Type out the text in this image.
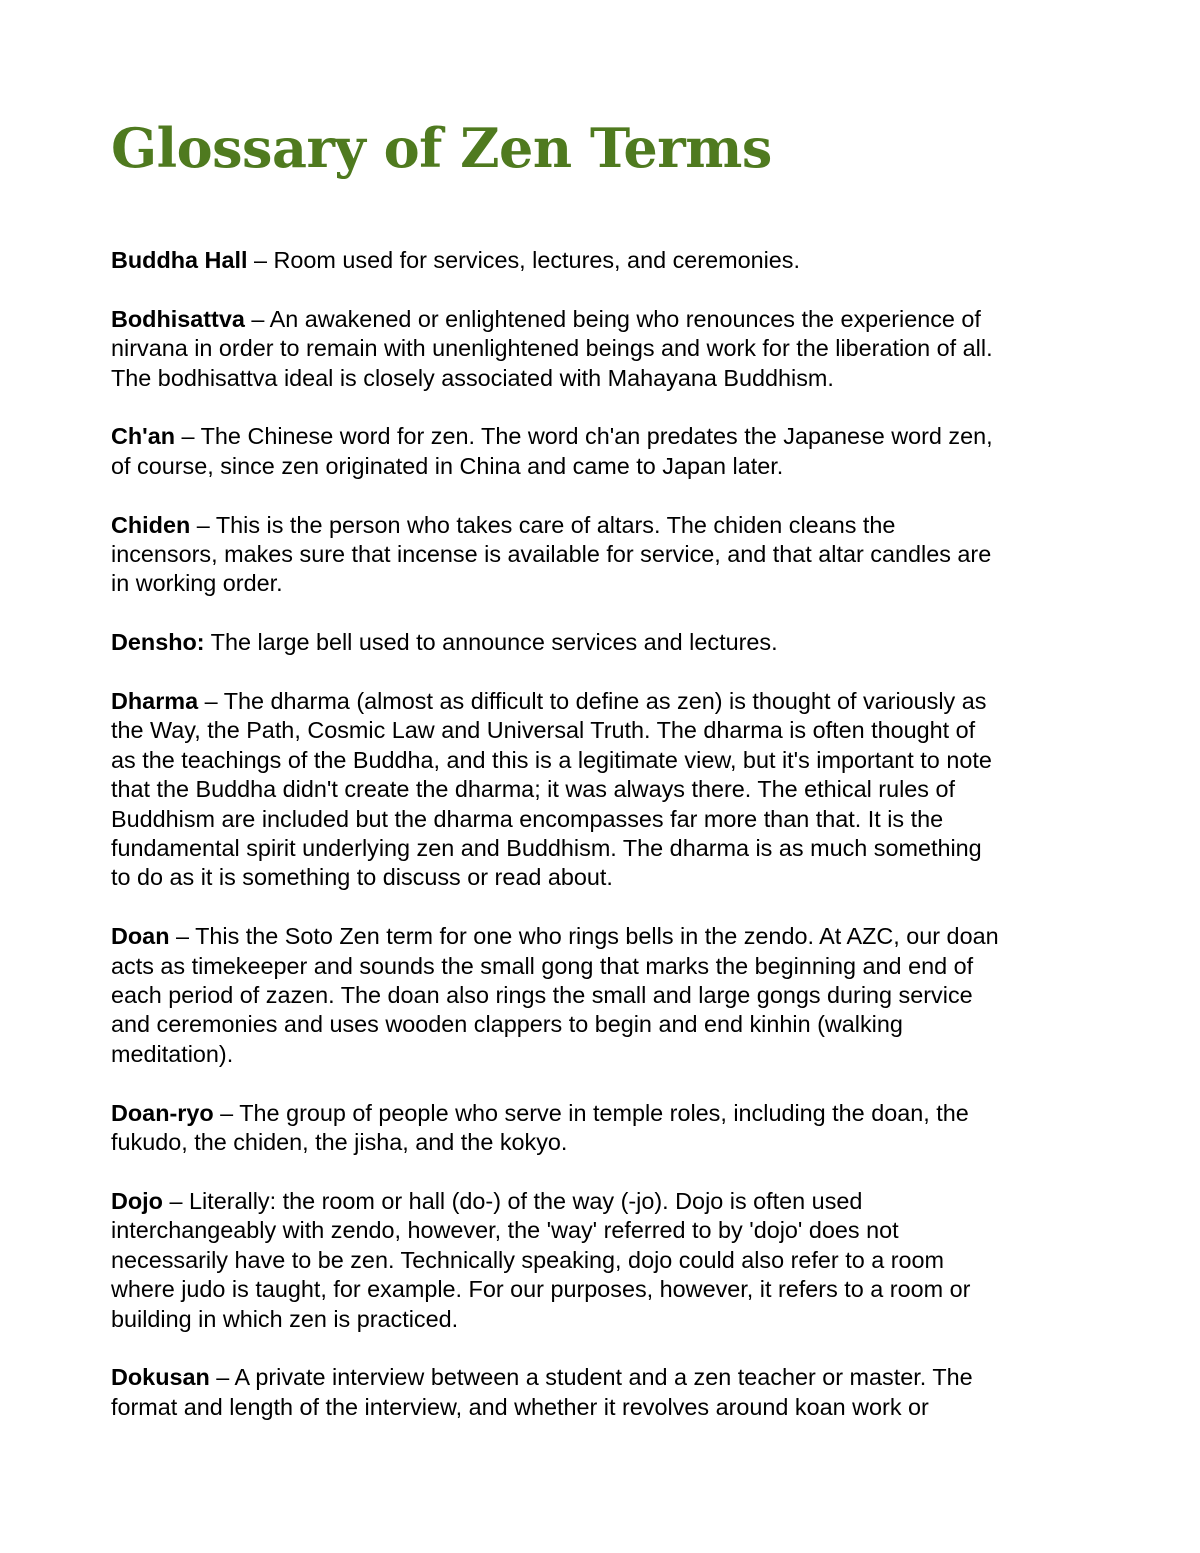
Glossary of Zen Terms
Buddha Hall – Room used for services, lectures, and ceremonies.
Bodhisattva – An awakened or enlightened being who renounces the experience of
nirvana in order to remain with unenlightened beings and work for the liberation of all.
The bodhisattva ideal is closely associated with Mahayana Buddhism.
Ch'an – The Chinese word for zen. The word ch'an predates the Japanese word zen,
of course, since zen originated in China and came to Japan later.
Chiden – This is the person who takes care of altars. The chiden cleans the
incensors, makes sure that incense is available for service, and that altar candles are
in working order.
Densho: The large bell used to announce services and lectures.
Dharma – The dharma (almost as difficult to define as zen) is thought of variously as
the Way, the Path, Cosmic Law and Universal Truth. The dharma is often thought of
as the teachings of the Buddha, and this is a legitimate view, but it's important to note
that the Buddha didn't create the dharma; it was always there. The ethical rules of
Buddhism are included but the dharma encompasses far more than that. It is the
fundamental spirit underlying zen and Buddhism. The dharma is as much something
to do as it is something to discuss or read about.
Doan – This the Soto Zen term for one who rings bells in the zendo. At AZC, our doan
acts as timekeeper and sounds the small gong that marks the beginning and end of
each period of zazen. The doan also rings the small and large gongs during service
and ceremonies and uses wooden clappers to begin and end kinhin (walking
meditation).
Doan-ryo – The group of people who serve in temple roles, including the doan, the
fukudo, the chiden, the jisha, and the kokyo.
Dojo – Literally: the room or hall (do-) of the way (-jo). Dojo is often used
interchangeably with zendo, however, the 'way' referred to by 'dojo' does not
necessarily have to be zen. Technically speaking, dojo could also refer to a room
where judo is taught, for example. For our purposes, however, it refers to a room or
building in which zen is practiced.
Dokusan – A private interview between a student and a zen teacher or master. The
format and length of the interview, and whether it revolves around koan work or
